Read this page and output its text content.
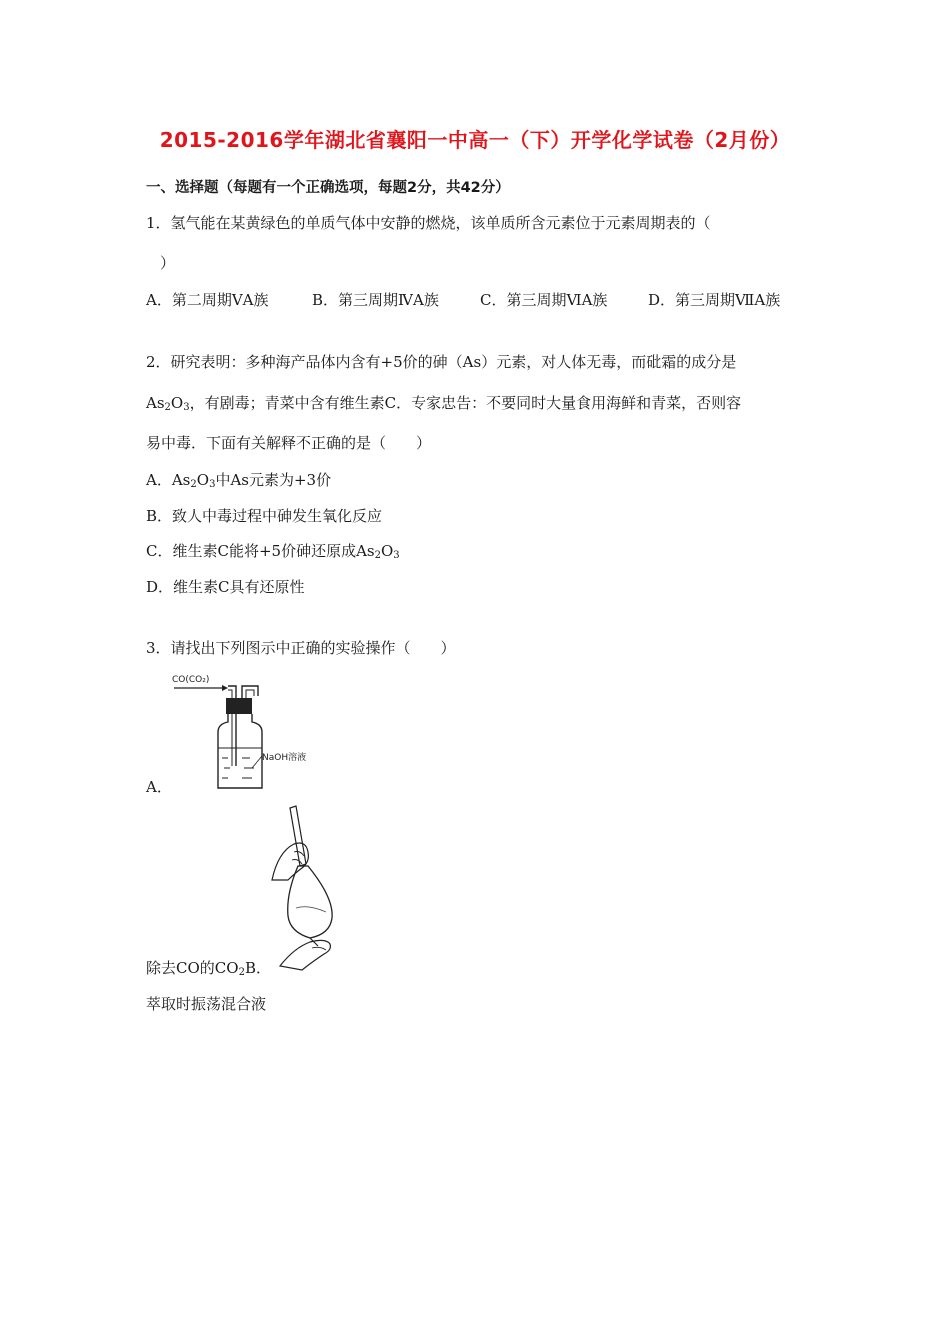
2015-2016学年湖北省襄阳一中高一（下）开学化学试卷（2月份）
一、选择题（每题有一个正确选项，每题2分，共42分）
1．氢气能在某黄绿色的单质气体中安静的燃烧，该单质所含元素位于元素周期表的（
）
A．第二周期ⅤA族	B．第三周期ⅣA族	C．第三周期ⅥA族	D．第三周期ⅦA族
2．研究表明：多种海产品体内含有+5价的砷（As）元素，对人体无毒，而砒霜的成分是
$As_2O_3$，有剧毒；青菜中含有维生素C．专家忠告：不要同时大量食用海鲜和青菜，否则容
易中毒．下面有关解释不正确的是（　　）
A．$As_2O_3$中As元素为+3价
B．致人中毒过程中砷发生氧化反应
C．维生素C能将+5价砷还原成$As_2O_3$
D．维生素C具有还原性
3．请找出下列图示中正确的实验操作（　　）
CO(CO₂)
NaOH溶液
A．
除去CO的$CO_2B$．
萃取时振荡混合液
